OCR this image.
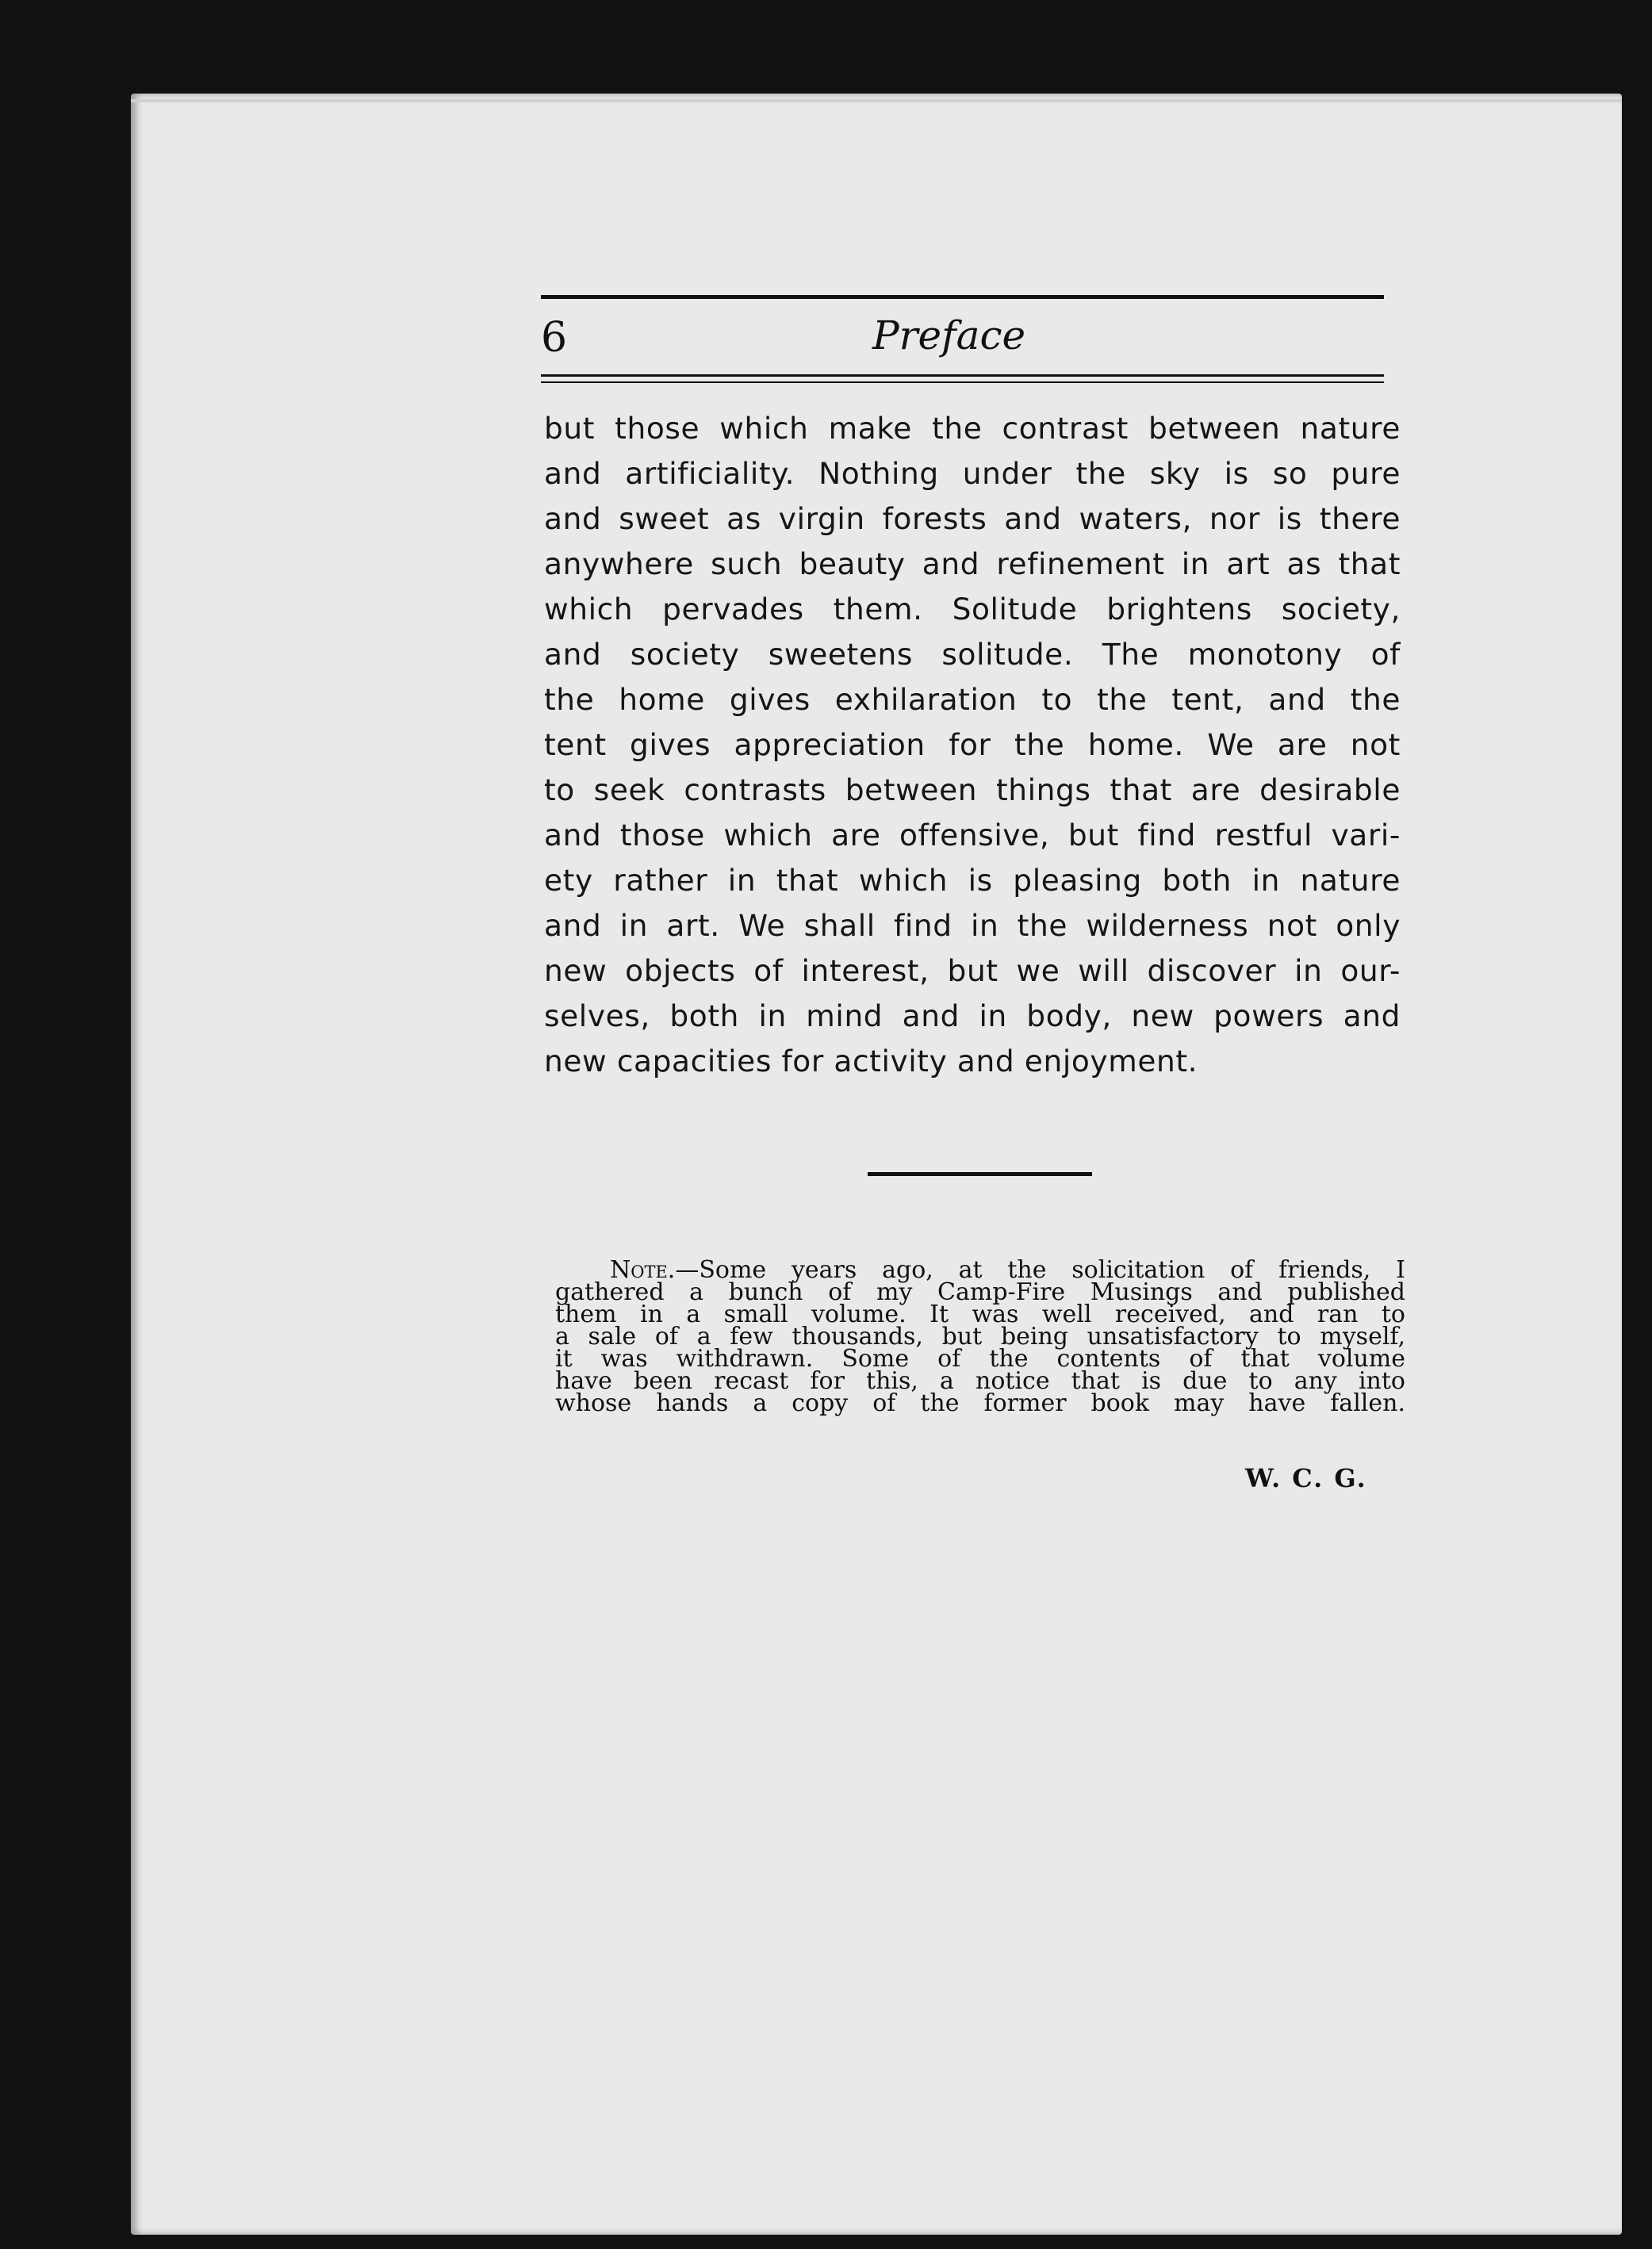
6	Preface
but those which make the contrast between nature
and artificiality. Nothing under the sky is so pure
and sweet as virgin forests and waters, nor is there
anywhere such beauty and refinement in art as that
which pervades them. Solitude brightens society,
and society sweetens solitude. The monotony of
the home gives exhilaration to the tent, and the
tent gives appreciation for the home. We are not
to seek contrasts between things that are desirable
and those which are offensive, but find restful vari-
ety rather in that which is pleasing both in nature
and in art. We shall find in the wilderness not only
new objects of interest, but we will discover in our-
selves, both in mind and in body, new powers and
new capacities for activity and enjoyment.
Note.—Some years ago, at the solicitation of friends, I
gathered a bunch of my Camp-Fire Musings and published
them in a small volume. It was well received, and ran to
a sale of a few thousands, but being unsatisfactory to myself,
it was withdrawn. Some of the contents of that volume
have been recast for this, a notice that is due to any into
whose hands a copy of the former book may have fallen.
W. C. G.
